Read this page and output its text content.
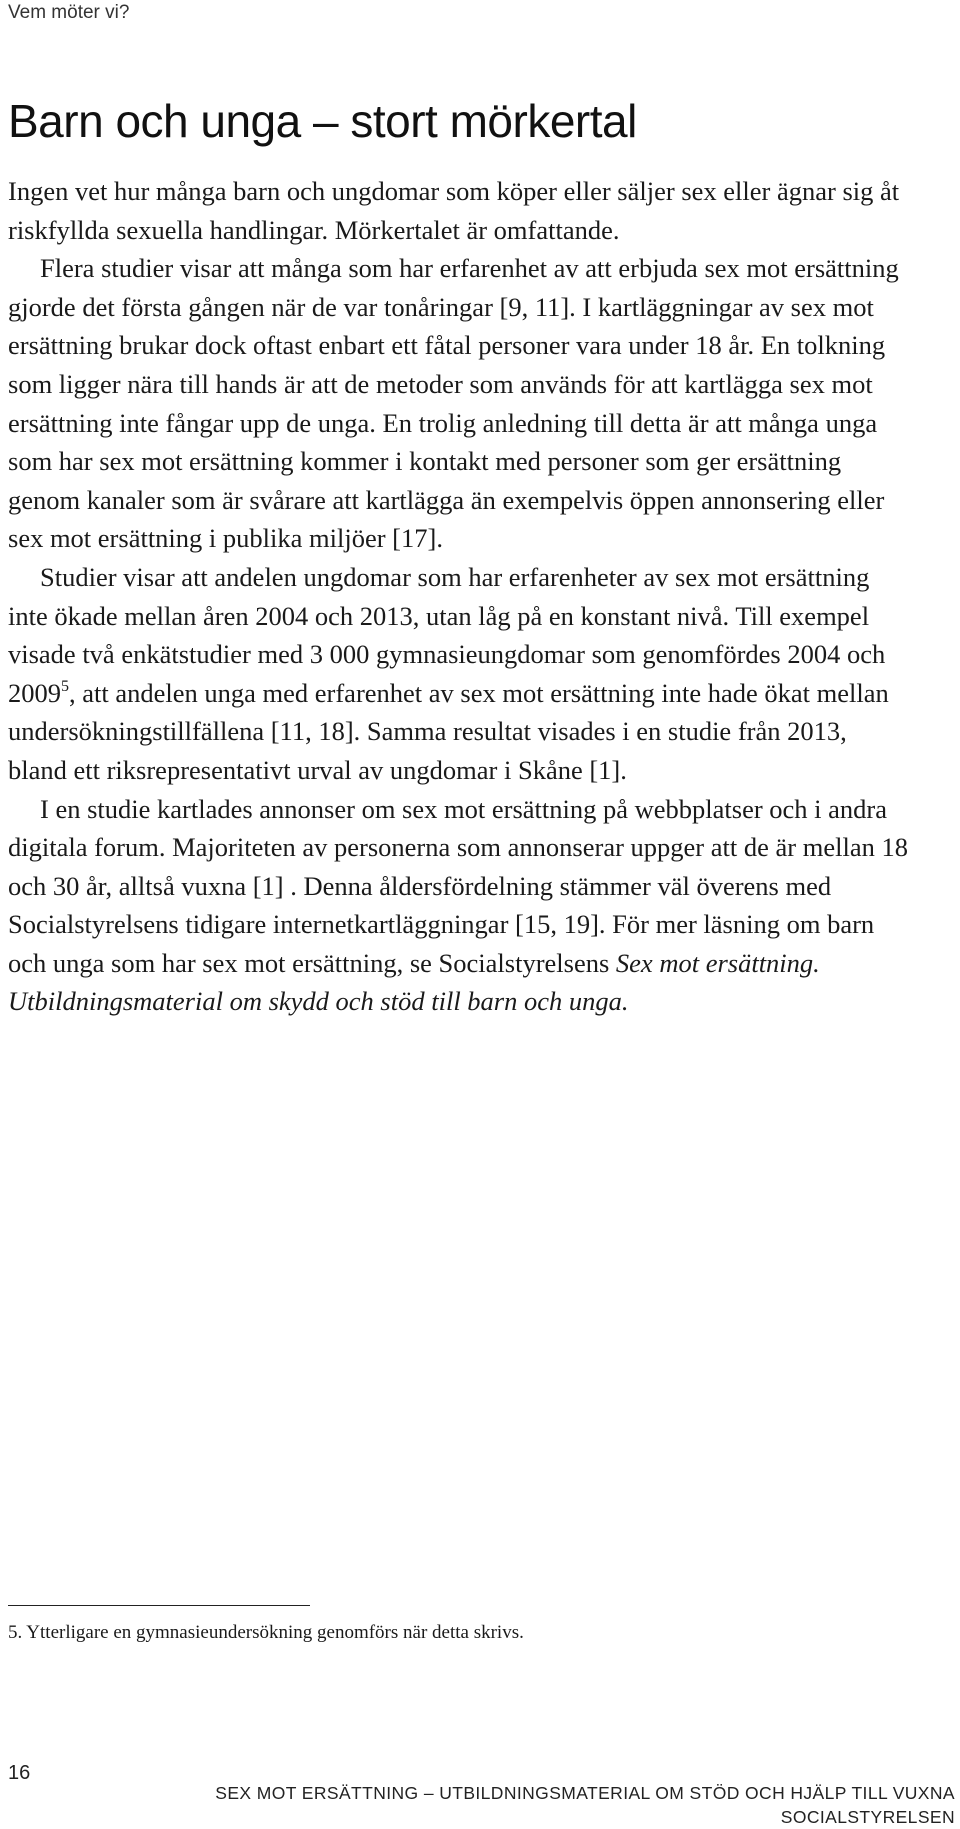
Vem möter vi?
Barn och unga – stort mörkertal

Ingen vet hur många barn och ungdomar som köper eller säljer sex eller ägnar sig åt riskfyllda sexuella handlingar. Mörkertalet är omfattande.

Flera studier visar att många som har erfarenhet av att erbjuda sex mot ersättning gjorde det första gången när de var tonåringar [9, 11]. I kartläggningar av sex mot ersättning brukar dock oftast enbart ett fåtal personer vara under 18 år. En tolkning som ligger nära till hands är att de metoder som används för att kartlägga sex mot ersättning inte fångar upp de unga. En trolig anledning till detta är att många unga som har sex mot ersättning kommer i kontakt med personer som ger ersättning genom kanaler som är svårare att kartlägga än exempelvis öppen annonsering eller sex mot ersättning i publika miljöer [17].

Studier visar att andelen ungdomar som har erfarenheter av sex mot ersättning inte ökade mellan åren 2004 och 2013, utan låg på en konstant nivå. Till exempel visade två enkätstudier med 3 000 gymnasieungdomar som genomfördes 2004 och 2009$^5$, att andelen unga med erfarenhet av sex mot ersättning inte hade ökat mellan undersökningstillfällena [11, 18]. Samma resultat visades i en studie från 2013, bland ett riksrepresentativt urval av ungdomar i Skåne [1].

I en studie kartlades annonser om sex mot ersättning på webbplatser och i andra digitala forum. Majoriteten av personerna som annonserar uppger att de är mellan 18 och 30 år, alltså vuxna [1] . Denna åldersfördelning stämmer väl överens med Socialstyrelsens tidigare internetkartläggningar [15, 19]. För mer läsning om barn och unga som har sex mot ersättning, se Socialstyrelsens Sex mot ersättning. Utbildningsmaterial om skydd och stöd till barn och unga.

5. Ytterligare en gymnasieundersökning genomförs när detta skrivs.
16
SEX MOT ERSÄTTNING – UTBILDNINGSMATERIAL OM STÖD OCH HJÄLP TILL VUXNA
SOCIALSTYRELSEN
